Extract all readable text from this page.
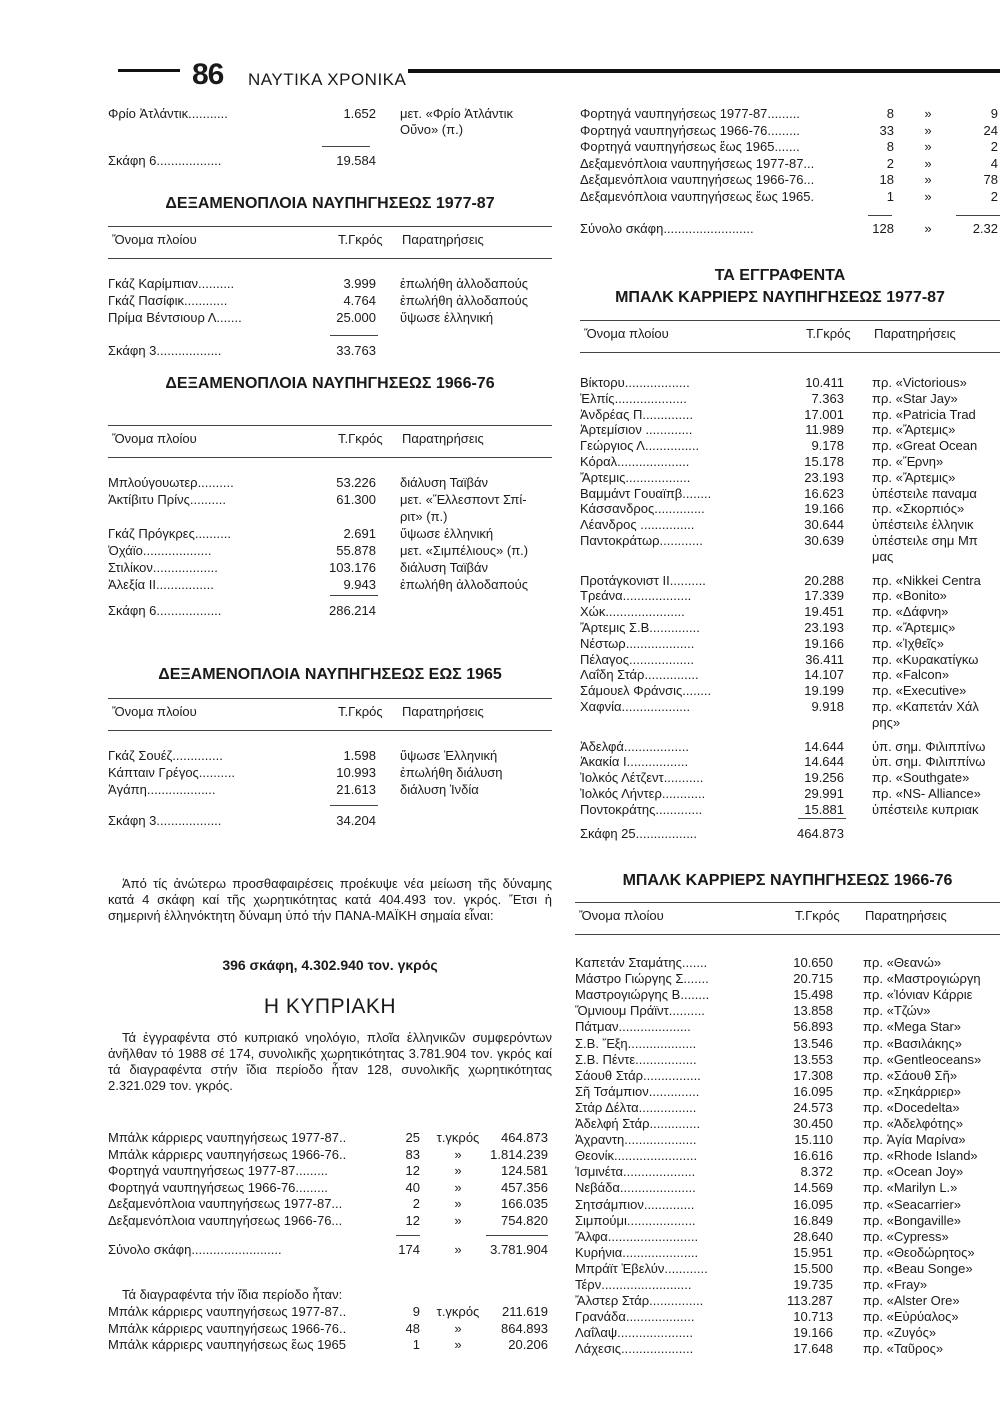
86 ΝΑΥΤΙΚΑ ΧΡΟΝΙΚΑ
Φρίο Ἀτλάντικ...........	1.652 μετ. «Φρίο Ἀτλάντικ
Οὔνο» (π.)
Σκάφη 6..................	19.584
ΔΕΞΑΜΕΝΟΠΛΟΙΑ ΝΑΥΠΗΓΗΣΕΩΣ 1977-87
Ὄνομα πλοίου	Τ.Γκρός Παρατηρήσεις
Γκάζ Καρίμπιαν..........	3.999 ἐπωλήθη ἀλλοδαπούς
Γκάζ Πασίφικ............	4.764 ἐπωλήθη ἀλλοδαπούς
Πρίμα Βέντσιουρ Λ.......	25.000 ὕψωσε ἑλληνική
Σκάφη 3..................	33.763
ΔΕΞΑΜΕΝΟΠΛΟΙΑ ΝΑΥΠΗΓΗΣΕΩΣ 1966-76
Ὄνομα πλοίου	Τ.Γκρός Παρατηρήσεις
Μπλούγουωτερ..........	53.226 διάλυση Ταϊβάν
Ἀκτίβιτυ Πρίνς..........	61.300 μετ. «Ἕλλεσποντ Σπί-
ριτ» (π.)
Γκάζ Πρόγκρες..........	2.691 ὕψωσε ἑλληνική
Ὀχάϊο...................	55.878 μετ. «Σιμπέλιους» (π.)
Στιλίκον..................	103.176 διάλυση Ταϊβάν
Ἀλεξία ΙΙ................	9.943 ἐπωλήθη ἀλλοδαπούς
Σκάφη 6..................	286.214
ΔΕΞΑΜΕΝΟΠΛΟΙΑ ΝΑΥΠΗΓΗΣΕΩΣ ΕΩΣ 1965
Ὄνομα πλοίου	Τ.Γκρός Παρατηρήσεις
Γκάζ Σουέζ..............	1.598 ὕψωσε Ἑλληνική
Κάπταιν Γρέγος..........	10.993 ἐπωλήθη διάλυση
Ἀγάπη...................	21.613 διάλυση Ἰνδία
Σκάφη 3..................	34.204
Ἀπό τίς ἀνώτερω προσθαφαιρέσεις προέκυψε νέα μείωση τῆς δύναμης κατά 4 σκάφη καί τῆς χωρητικότητας κατά 404.493 τον. γκρός. Ἔτσι ἡ σημερινή ἑλληνόκτητη δύναμη ὑπό τήν ΠΑΝΑ-ΜΑΪΚΗ σημαία εἶναι:
396 σκάφη, 4.302.940 τον. γκρός
Η ΚΥΠΡΙΑΚΗ
Τά ἐγγραφέντα στό κυπριακό νηολόγιο, πλοῖα ἑλληνικῶν συμφερόντων ἀνῆλθαν τό 1988 σέ 174, συνολικῆς χωρητικότητας 3.781.904 τον. γκρός καί τά διαγραφέντα στήν ἴδια περίοδο ἦταν 128, συνολικῆς χωρητικότητας 2.321.029 τον. γκρός.
Μπάλκ κάρριερς ναυπηγήσεως 1977-87..	25 τ.γκρός 464.873
Μπάλκ κάρριερς ναυπηγήσεως 1966-76..	83	» 1.814.239
Φορτηγά ναυπηγήσεως 1977-87.........	12	»	124.581
Φορτηγά ναυπηγήσεως 1966-76.........	40	»	457.356
Δεξαμενόπλοια ναυπηγήσεως 1977-87...	2	»	166.035
Δεξαμενόπλοια ναυπηγήσεως 1966-76...	12	»	754.820
Σύνολο σκάφη.........................	174	» 3.781.904
Τά διαγραφέντα τήν ἴδια περίοδο ἦταν:
Μπάλκ κάρριερς ναυπηγήσεως 1977-87..	9 τ.γκρός 211.619
Μπάλκ κάρριερς ναυπηγήσεως 1966-76..	48	»	864.893
Μπάλκ κάρριερς ναυπηγήσεως ἕως 1965	1	»	20.206
Φορτηγά ναυπηγήσεως 1977-87.........	8 »	9
Φορτηγά ναυπηγήσεως 1966-76.........	33 »	24
Φορτηγά ναυπηγήσεως ἕως 1965.......	8 »	2
Δεξαμενόπλοια ναυπηγήσεως 1977-87...	2 »	4
Δεξαμενόπλοια ναυπηγήσεως 1966-76...	18 »	78
Δεξαμενόπλοια ναυπηγήσεως ἕως 1965.	1 »	2
Σύνολο σκάφη.........................	128 »	2.32
ΤΑ ΕΓΓΡΑΦΕΝΤΑ
ΜΠΑΛΚ ΚΑΡΡΙΕΡΣ ΝΑΥΠΗΓΗΣΕΩΣ 1977-87
Ὄνομα πλοίου	Τ.Γκρός Παρατηρήσεις
Βίκτορυ..................	10.411 πρ. «Victorious»
Ἐλπίς....................	7.363 πρ. «Star Jay»
Ἀνδρέας Π..............	17.001 πρ. «Patricia Trad
Ἀρτεμίσιον .............	11.989 πρ. «Ἄρτεμις»
Γεώργιος Λ...............	9.178 πρ. «Great Ocean
Κόραλ....................	15.178 πρ. «Ἔρνη»
Ἄρτεμις..................	23.193 πρ. «Ἄρτεμις»
Βαμμάντ Γουαϊπβ........	16.623 ὑπέστειλε παναμα
Κάσσανδρος..............	19.166 πρ. «Σκορπιός»
Λέανδρος ...............	30.644 ὑπέστειλε ἑλληνικ
Παντοκράτωρ............	30.639 ὑπέστειλε σημ Μπ
μας
Προτάγκονιστ ΙΙ..........	20.288 πρ. «Nikkei Centra
Τρεάνα...................	17.339 πρ. «Bonito»
Χώκ......................	19.451 πρ. «Δάφνη»
Ἄρτεμις Σ.Β..............	23.193 πρ. «Ἄρτεμις»
Νέστωρ...................	19.166 πρ. «Ἰχθεῖς»
Πέλαγος..................	36.411 πρ. «Κυρακατίγκω
Λαΐδη Στάρ...............	14.107 πρ. «Falcon»
Σάμουελ Φράνσις........	19.199 πρ. «Executive»
Χαφνία...................	9.918 πρ. «Καπετάν Χάλ
ρης»
Ἀδελφά..................	14.644 ὑπ. σημ. Φιλιππίνω
Ἀκακία Ι.................	14.644 ὑπ. σημ. Φιλιππίνω
Ἰολκός Λέτζεντ...........	19.256 πρ. «Southgate»
Ἰολκός Λήντερ............	29.991 πρ. «NS- Alliance»
Ποντοκράτης.............	15.881 ὑπέστειλε κυπριακ
Σκάφη 25.................	464.873
ΜΠΑΛΚ ΚΑΡΡΙΕΡΣ ΝΑΥΠΗΓΗΣΕΩΣ 1966-76
Ὄνομα πλοίου	Τ.Γκρός Παρατηρήσεις
Καπετάν Σταμάτης.......	10.650 πρ. «Θεανώ»
Μάστρο Γιώργης Σ.......	20.715 πρ. «Μαστρογιώργη
Μαστρογιώργης Β........	15.498 πρ. «Ἰόνιαν Κάρριε
Ὅμνιουμ Πράϊντ..........	13.858 πρ. «Τζών»
Πάτμαν....................	56.893 πρ. «Mega Star»
Σ.Β. Ἔξη...................	13.546 πρ. «Βασιλάκης»
Σ.Β. Πέντε.................	13.553 πρ. «Gentleoceans»
Σάουθ Στάρ................	17.308 πρ. «Σάουθ Σῆ»
Σῆ Τσάμπιον..............	16.095 πρ. «Σηκάρριερ»
Στάρ Δέλτα................	24.573 πρ. «Docedelta»
Ἀδελφή Στάρ..............	30.450 πρ. «Ἀδελφότης»
Ἀχραντη....................	15.110 πρ. Ἁγία Μαρίνα»
Θεονίκ.......................	16.616 πρ. «Rhode Island»
Ἰσμινέτα....................	8.372 πρ. «Ocean Joy»
Νεβάδα.....................	14.569 πρ. «Marilyn L.»
Σητσάμπιον..............	16.095 πρ. «Seacarrier»
Σιμπούμι...................	16.849 πρ. «Bongaville»
Ἄλφα.........................	28.640 πρ. «Cypress»
Κυρήνια.....................	15.951 πρ. «Θεοδώρητος»
Μπράϊτ Ἐβελύν............	15.500 πρ. «Beau Songe»
Τέρν.........................	19.735 πρ. «Fray»
Ἄλστερ Στάρ...............	113.287 πρ. «Alster Ore»
Γρανάδα...................	10.713 πρ. «Εὐρύαλος»
Λαΐλαψ.....................	19.166 πρ. «Ζυγός»
Λάχεσις....................	17.648 πρ. «Ταῦρος»
